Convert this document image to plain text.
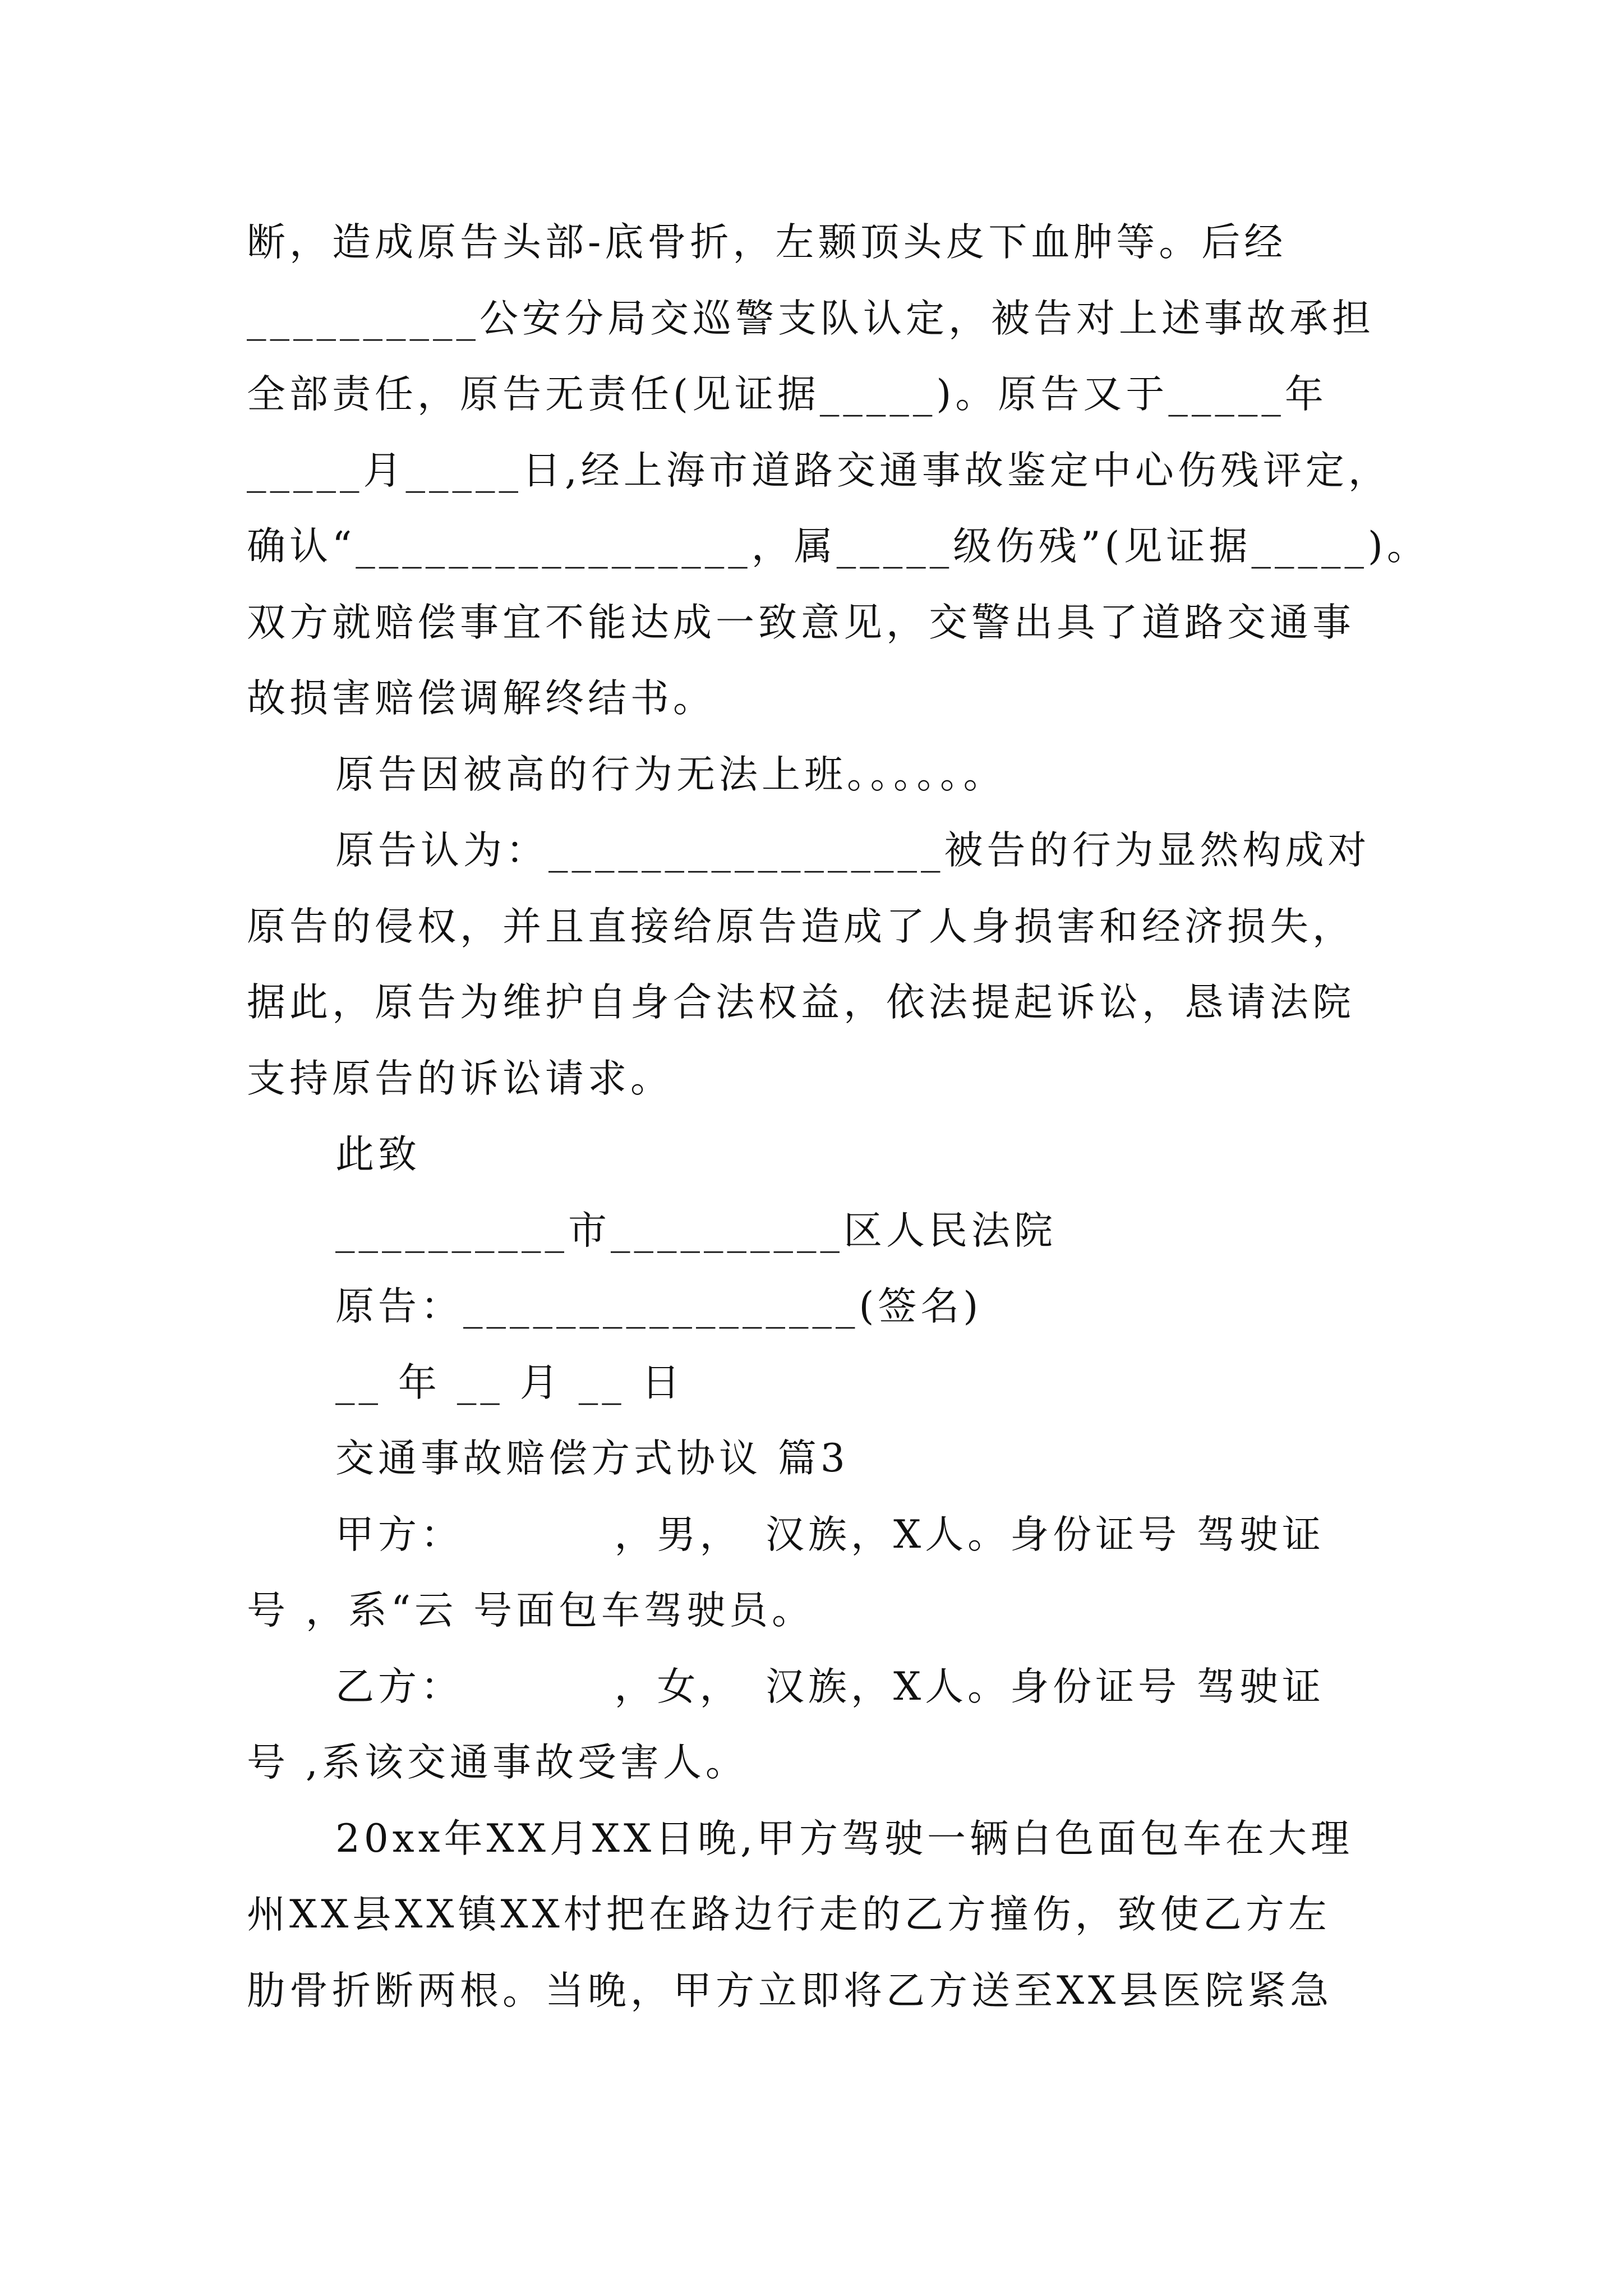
断，造成原告头部-底骨折，左颞顶头皮下血肿等。后经
__________公安分局交巡警支队认定，被告对上述事故承担
全部责任，原告无责任(见证据_____)。原告又于_____年
_____月_____日,经上海市道路交通事故鉴定中心伤残评定，
确认“_________________，属_____级伤残”(见证据_____)。
双方就赔偿事宜不能达成一致意见，交警出具了道路交通事
故损害赔偿调解终结书。
原告因被高的行为无法上班。。。。。。
原告认为：_________________被告的行为显然构成对
原告的侵权，并且直接给原告造成了人身损害和经济损失，
据此，原告为维护自身合法权益，依法提起诉讼，恳请法院
支持原告的诉讼请求。
此致
__________市__________区人民法院
原告：_________________(签名)
__ 年 __ 月 __ 日
交通事故赔偿方式协议 篇3
甲方：　　　　，男，　汉族，X人。身份证号 驾驶证
号 ，系“云 号面包车驾驶员。
乙方：　　　　，女，　汉族，X人。身份证号 驾驶证
号 ,系该交通事故受害人。
20xx年XX月XX日晚,甲方驾驶一辆白色面包车在大理
州XX县XX镇XX村把在路边行走的乙方撞伤，致使乙方左
肋骨折断两根。当晚，甲方立即将乙方送至XX县医院紧急
